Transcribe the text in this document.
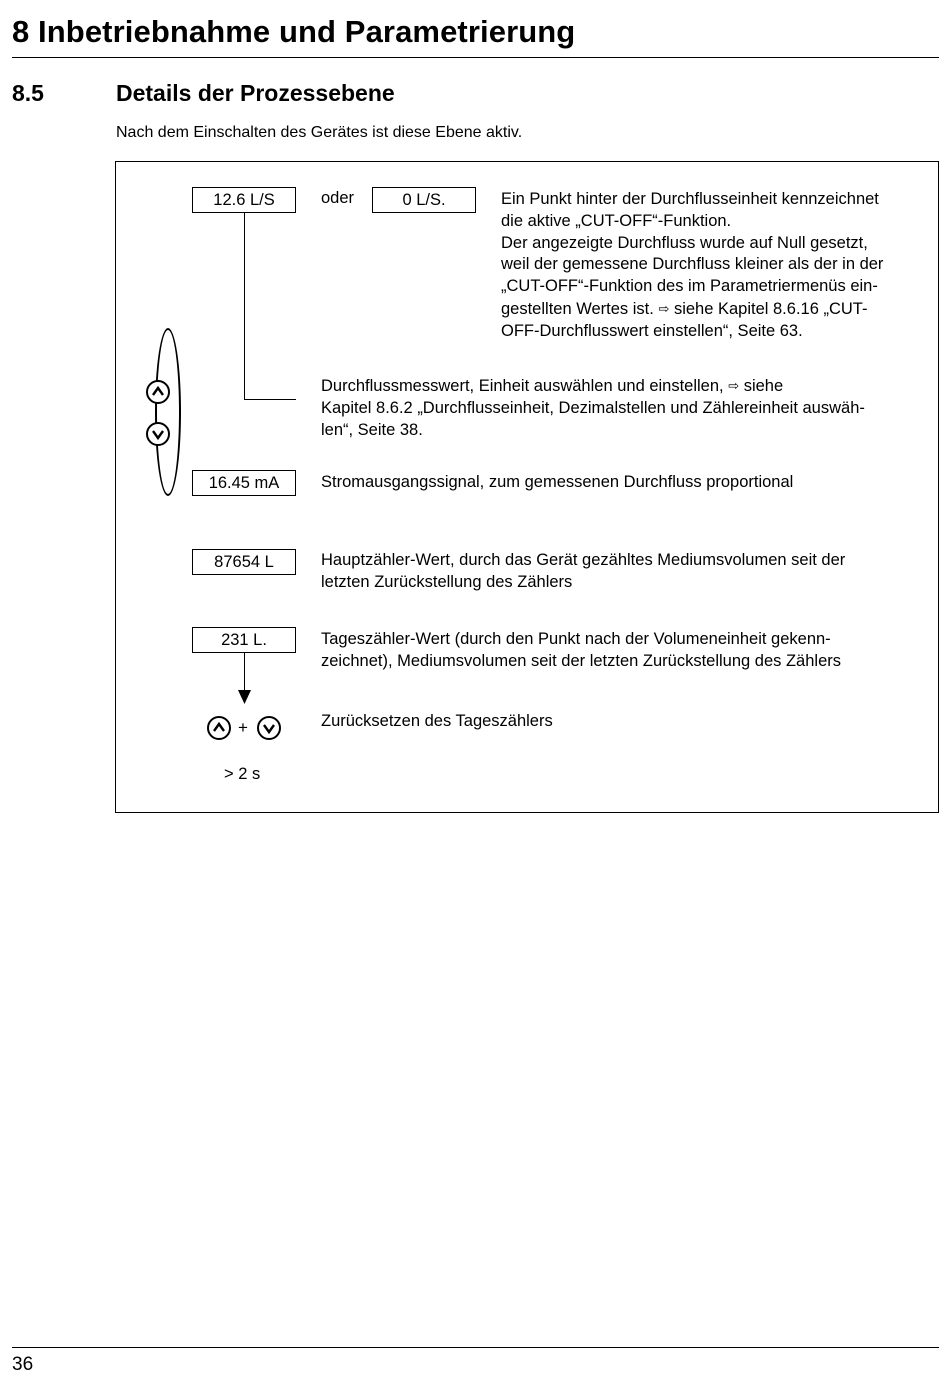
8 Inbetriebnahme und Parametrierung
8.5	Details der Prozessebene
Nach dem Einschalten des Gerätes ist diese Ebene aktiv.
12.6 L/S	oder	0 L/S.	Ein Punkt hinter der Durchflusseinheit kennzeichnet
die aktive „CUT-OFF“-Funktion.
Der angezeigte Durchfluss wurde auf Null gesetzt,
weil der gemessene Durchfluss kleiner als der in der
„CUT-OFF“-Funktion des im Parametriermenüs ein-
gestellten Wertes ist. ⇨ siehe Kapitel 8.6.16 „CUT-
OFF-Durchflusswert einstellen“, Seite 63.
Durchflussmesswert, Einheit auswählen und einstellen, ⇨ siehe
Kapitel 8.6.2 „Durchflusseinheit, Dezimalstellen und Zählereinheit auswäh-
len“, Seite 38.
16.45 mA	Stromausgangssignal, zum gemessenen Durchfluss proportional
87654 L	Hauptzähler-Wert, durch das Gerät gezähltes Mediumsvolumen seit der
letzten Zurückstellung des Zählers
231 L.	Tageszähler-Wert (durch den Punkt nach der Volumeneinheit gekenn-
zeichnet), Mediumsvolumen seit der letzten Zurückstellung des Zählers
+	Zurücksetzen des Tageszählers
> 2 s
36
